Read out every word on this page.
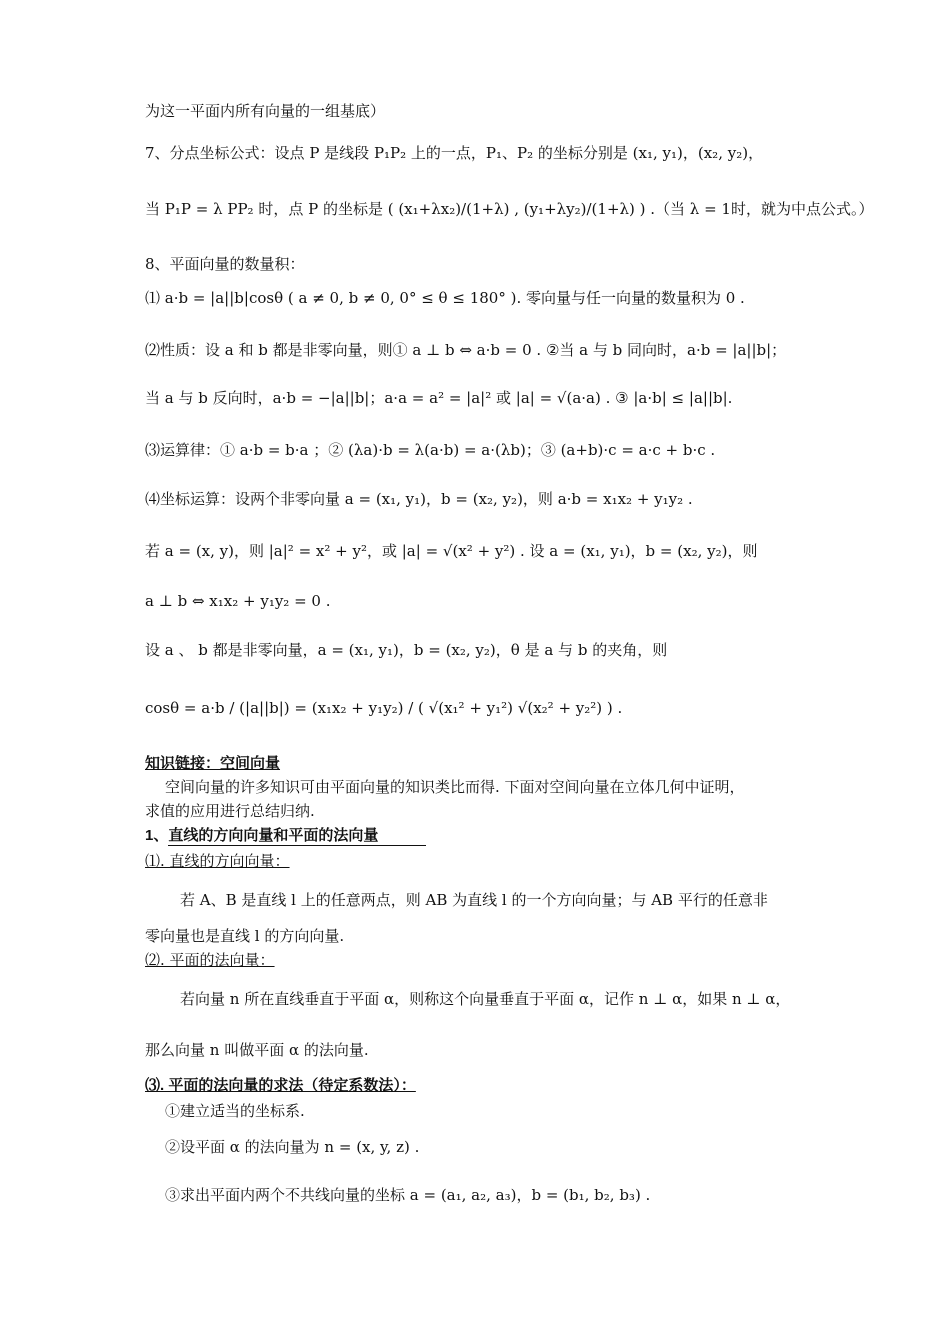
为这一平面内所有向量的一组基底）
7、分点坐标公式：设点 P 是线段 P₁P₂ 上的一点，P₁、P₂ 的坐标分别是 (x₁, y₁)，(x₂, y₂)，
当 P₁P = λ PP₂ 时，点 P 的坐标是 ( (x₁+λx₂)/(1+λ) , (y₁+λy₂)/(1+λ) ) .（当 λ = 1时，就为中点公式。）
8、平面向量的数量积：
⑴ a·b = |a||b|cosθ ( a ≠ 0, b ≠ 0, 0° ≤ θ ≤ 180° ). 零向量与任一向量的数量积为 0 .
⑵性质：设 a 和 b 都是非零向量，则① a ⊥ b ⇔ a·b = 0 . ②当 a 与 b 同向时，a·b = |a||b|；
当 a 与 b 反向时，a·b = −|a||b|；a·a = a² = |a|² 或 |a| = √(a·a) . ③ |a·b| ≤ |a||b|.
⑶运算律：① a·b = b·a ；② (λa)·b = λ(a·b) = a·(λb)；③ (a+b)·c = a·c + b·c .
⑷坐标运算：设两个非零向量 a = (x₁, y₁)，b = (x₂, y₂)，则 a·b = x₁x₂ + y₁y₂ .
若 a = (x, y)，则 |a|² = x² + y²，或 |a| = √(x² + y²) . 设 a = (x₁, y₁)，b = (x₂, y₂)，则
a ⊥ b ⇔ x₁x₂ + y₁y₂ = 0 .
设 a 、 b 都是非零向量，a = (x₁, y₁)，b = (x₂, y₂)，θ 是 a 与 b 的夹角，则
cosθ = a·b / (|a||b|) = (x₁x₂ + y₁y₂) / ( √(x₁² + y₁²) √(x₂² + y₂²) ) .
知识链接：空间向量
空间向量的许多知识可由平面向量的知识类比而得. 下面对空间向量在立体几何中证明，
求值的应用进行总结归纳.
1、直线的方向向量和平面的法向量
⑴. 直线的方向向量：
若 A、B 是直线 l 上的任意两点，则 AB 为直线 l 的一个方向向量；与 AB 平行的任意非
零向量也是直线 l 的方向向量.
⑵. 平面的法向量：
若向量 n 所在直线垂直于平面 α，则称这个向量垂直于平面 α，记作 n ⊥ α，如果 n ⊥ α，
那么向量 n 叫做平面 α 的法向量.
⑶. 平面的法向量的求法（待定系数法）：
①建立适当的坐标系.
②设平面 α 的法向量为 n = (x, y, z) .
③求出平面内两个不共线向量的坐标 a = (a₁, a₂, a₃)，b = (b₁, b₂, b₃) .
